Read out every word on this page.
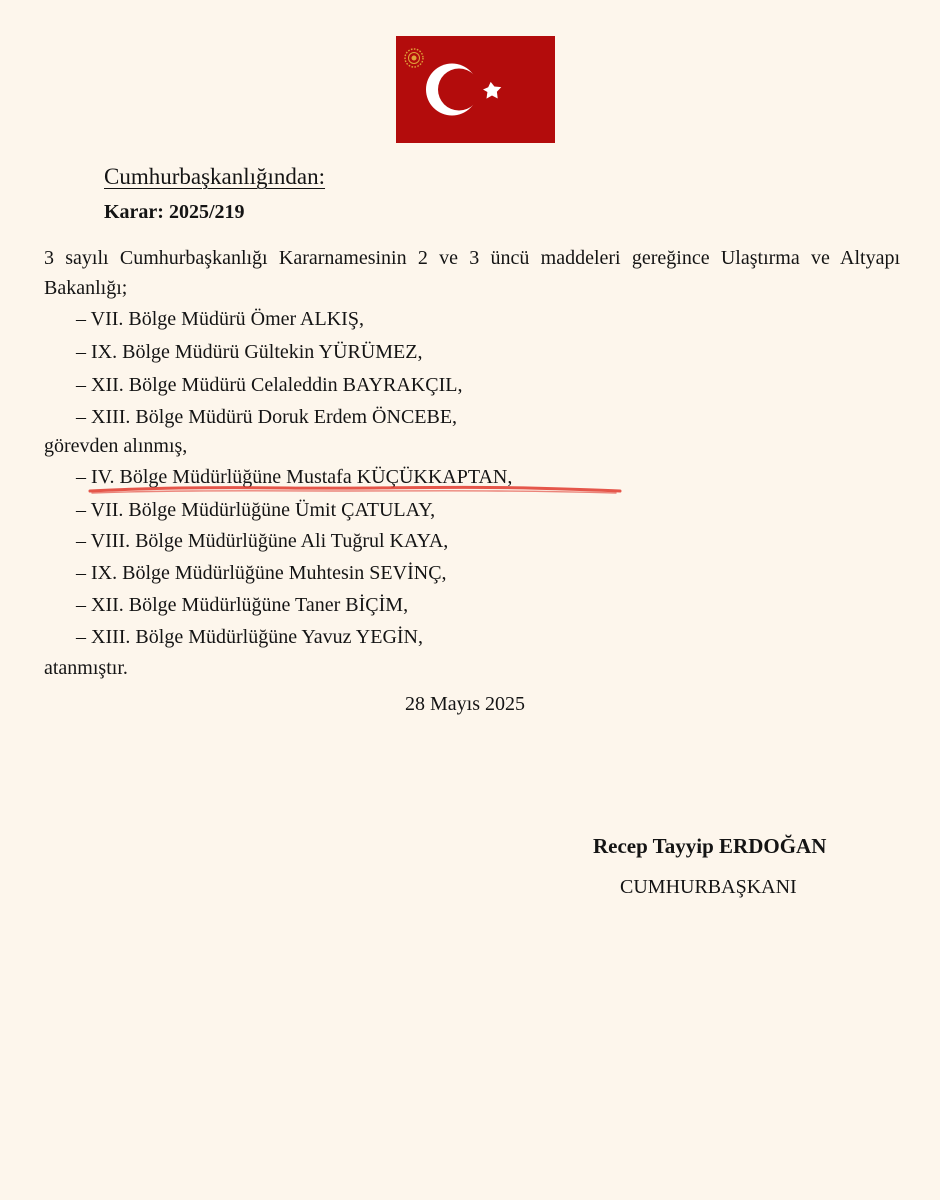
Cumhurbaşkanlığından:
Karar: 2025/219
3 sayılı Cumhurbaşkanlığı Kararnamesinin 2 ve 3 üncü maddeleri gereğince Ulaştırma ve Altyapı Bakanlığı;
– VII. Bölge Müdürü Ömer ALKIŞ,
– IX. Bölge Müdürü Gültekin YÜRÜMEZ,
– XII. Bölge Müdürü Celaleddin BAYRAKÇIL,
– XIII. Bölge Müdürü Doruk Erdem ÖNCEBE,
görevden alınmış,
– IV. Bölge Müdürlüğüne Mustafa KÜÇÜKKAPTAN,
– VII. Bölge Müdürlüğüne Ümit ÇATULAY,
– VIII. Bölge Müdürlüğüne Ali Tuğrul KAYA,
– IX. Bölge Müdürlüğüne Muhtesin SEVİNÇ,
– XII. Bölge Müdürlüğüne Taner BİÇİM,
– XIII. Bölge Müdürlüğüne Yavuz YEGİN,
atanmıştır.
28 Mayıs 2025
Recep Tayyip ERDOĞAN
CUMHURBAŞKANI
